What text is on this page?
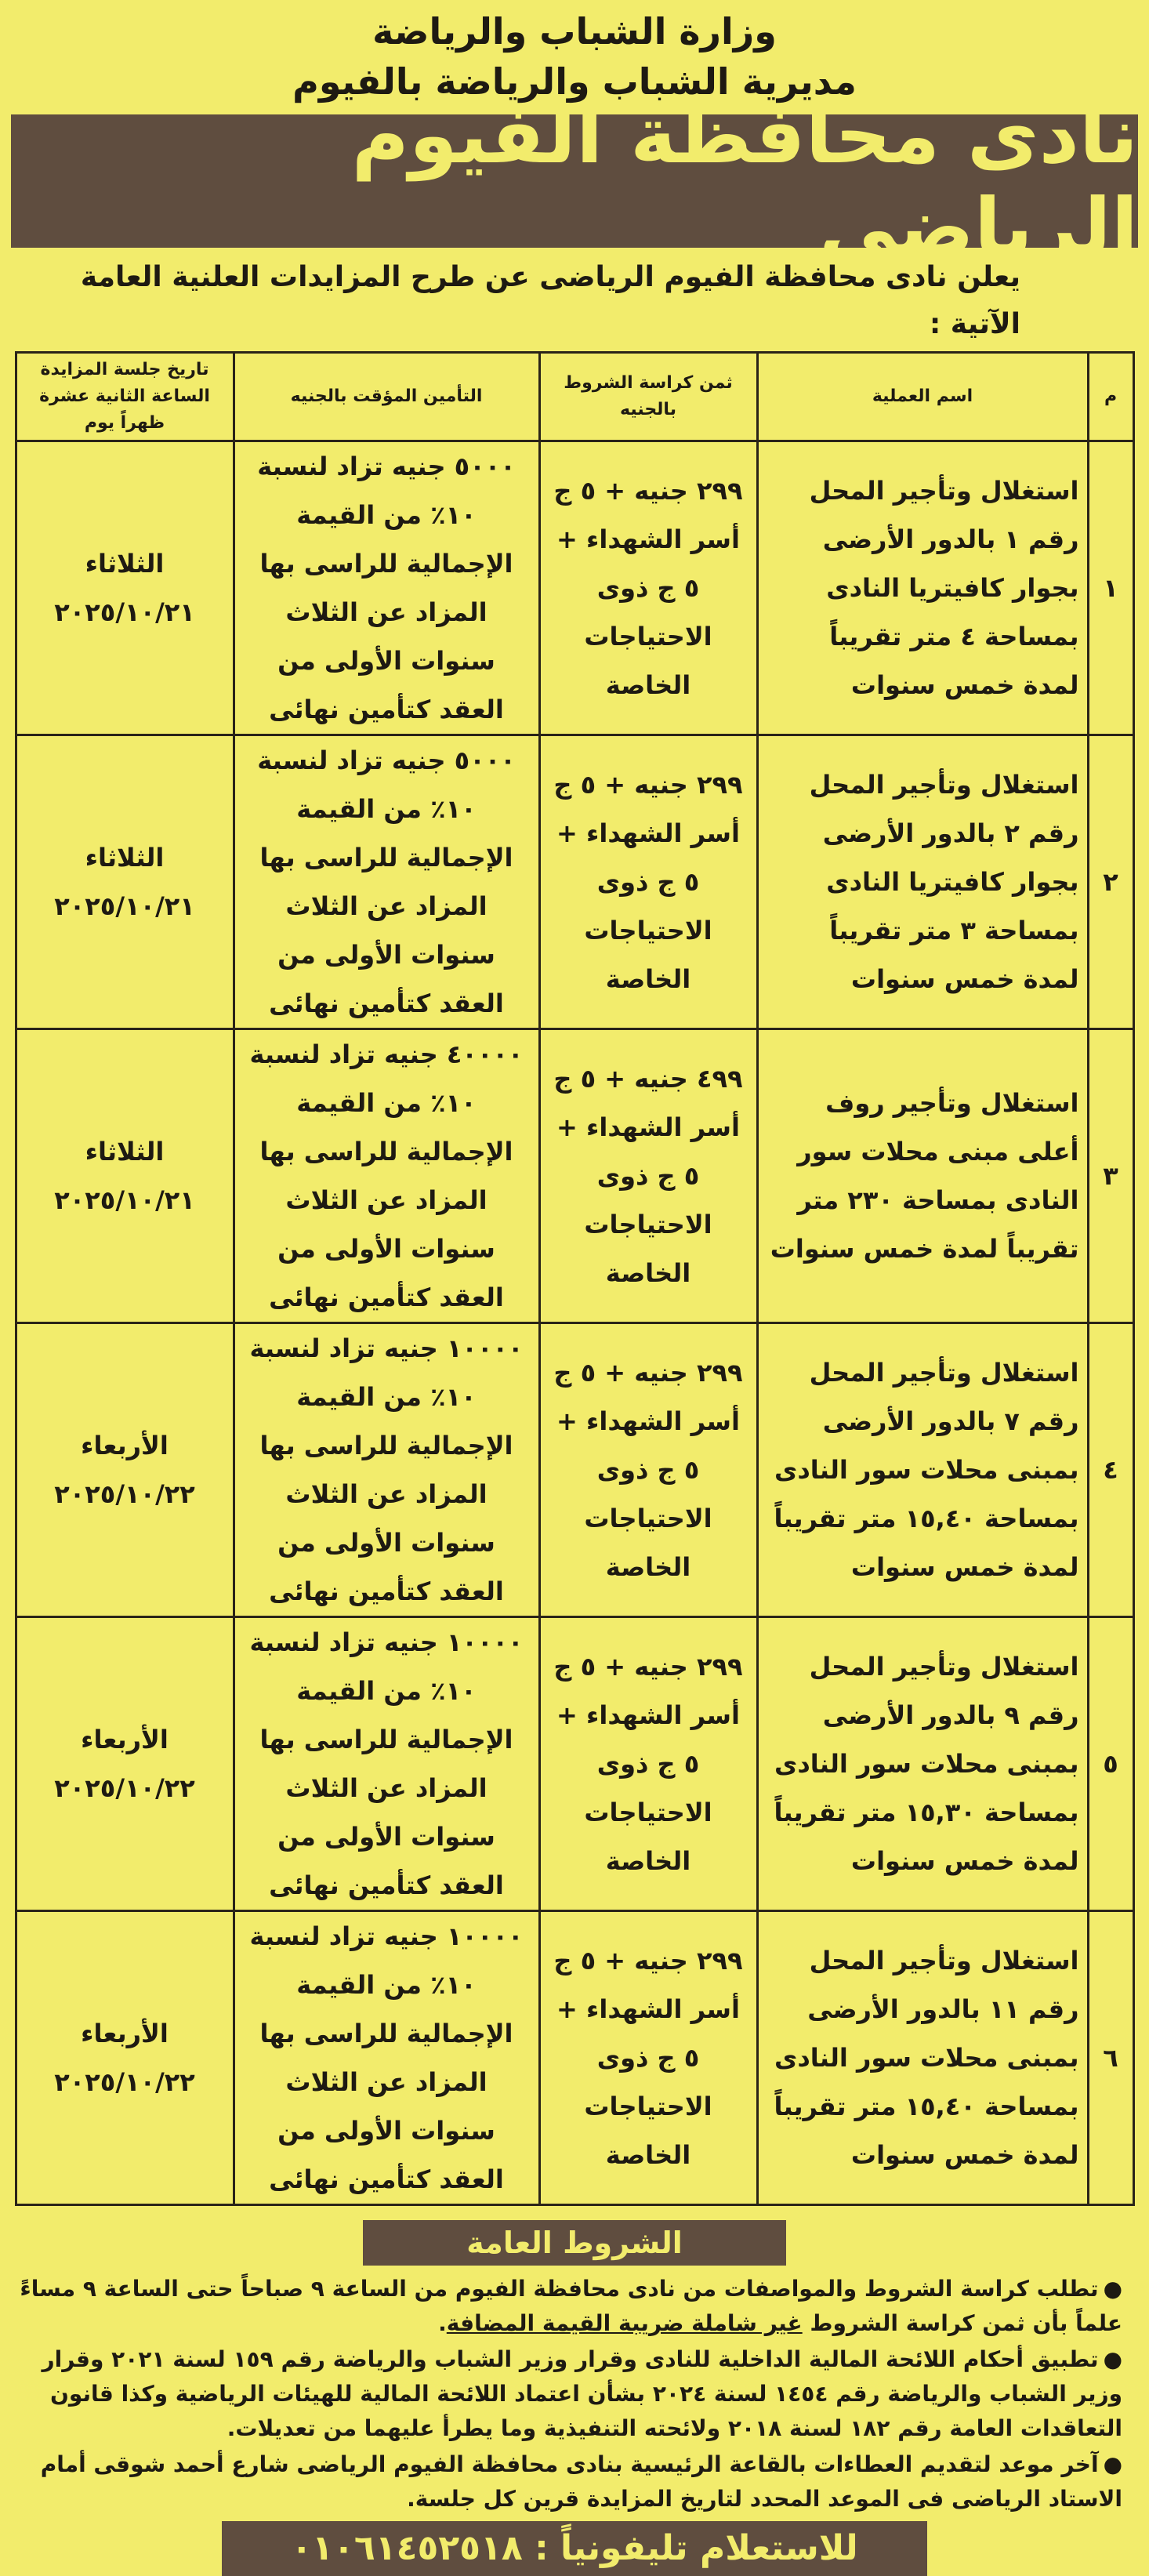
وزارة الشباب والرياضة
مديرية الشباب والرياضة بالفيوم
نادى محافظة الفيوم الرياضى
يعلن نادى محافظة الفيوم الرياضى عن طرح المزايدات العلنية العامة الآتية :
م	اسم العملية	ثمن كراسة الشروط بالجنيه	التأمين المؤقت بالجنيه	تاريخ جلسة المزايدة الساعة الثانية عشرة ظهراً يوم
١	استغلال وتأجير المحل رقم ١ بالدور الأرضى بجوار كافيتريا النادى بمساحة ٤ متر تقريباً لمدة خمس سنوات	٢٩٩ جنيه + ٥ ج أسر الشهداء + ٥ ج ذوى الاحتياجات الخاصة	٥٠٠٠ جنيه تزاد لنسبة ١٠٪ من القيمة الإجمالية للراسى بها المزاد عن الثلاث سنوات الأولى من العقد كتأمين نهائى	الثلاثاء
٢٠٢٥/١٠/٢١

٢	استغلال وتأجير المحل رقم ٢ بالدور الأرضى بجوار كافيتريا النادى بمساحة ٣ متر تقريباً لمدة خمس سنوات	٢٩٩ جنيه + ٥ ج أسر الشهداء + ٥ ج ذوى الاحتياجات الخاصة	٥٠٠٠ جنيه تزاد لنسبة ١٠٪ من القيمة الإجمالية للراسى بها المزاد عن الثلاث سنوات الأولى من العقد كتأمين نهائى	الثلاثاء
٢٠٢٥/١٠/٢١

٣	استغلال وتأجير روف أعلى مبنى محلات سور النادى بمساحة ٢٣٠ متر تقريباً لمدة خمس سنوات	٤٩٩ جنيه + ٥ ج أسر الشهداء + ٥ ج ذوى الاحتياجات الخاصة	٤٠٠٠٠ جنيه تزاد لنسبة ١٠٪ من القيمة الإجمالية للراسى بها المزاد عن الثلاث سنوات الأولى من العقد كتأمين نهائى	الثلاثاء
٢٠٢٥/١٠/٢١

٤	استغلال وتأجير المحل رقم ٧ بالدور الأرضى بمبنى محلات سور النادى بمساحة ١٥,٤٠ متر تقريباً لمدة خمس سنوات	٢٩٩ جنيه + ٥ ج أسر الشهداء + ٥ ج ذوى الاحتياجات الخاصة	١٠٠٠٠ جنيه تزاد لنسبة ١٠٪ من القيمة الإجمالية للراسى بها المزاد عن الثلاث سنوات الأولى من العقد كتأمين نهائى	الأربعاء
٢٠٢٥/١٠/٢٢

٥	استغلال وتأجير المحل رقم ٩ بالدور الأرضى بمبنى محلات سور النادى بمساحة ١٥,٣٠ متر تقريباً لمدة خمس سنوات	٢٩٩ جنيه + ٥ ج أسر الشهداء + ٥ ج ذوى الاحتياجات الخاصة	١٠٠٠٠ جنيه تزاد لنسبة ١٠٪ من القيمة الإجمالية للراسى بها المزاد عن الثلاث سنوات الأولى من العقد كتأمين نهائى	الأربعاء
٢٠٢٥/١٠/٢٢

٦	استغلال وتأجير المحل رقم ١١ بالدور الأرضى بمبنى محلات سور النادى بمساحة ١٥,٤٠ متر تقريباً لمدة خمس سنوات	٢٩٩ جنيه + ٥ ج أسر الشهداء + ٥ ج ذوى الاحتياجات الخاصة	١٠٠٠٠ جنيه تزاد لنسبة ١٠٪ من القيمة الإجمالية للراسى بها المزاد عن الثلاث سنوات الأولى من العقد كتأمين نهائى	الأربعاء
٢٠٢٥/١٠/٢٢
الشروط العامة
●تطلب كراسة الشروط والمواصفات من نادى محافظة الفيوم من الساعة ٩ صباحاً حتى الساعة ٩ مساءً علماً بأن ثمن كراسة الشروط غير شاملة ضريبة القيمة المضافة.
●تطبيق أحكام اللائحة المالية الداخلية للنادى وقرار وزير الشباب والرياضة رقم ١٥٩ لسنة ٢٠٢١ وقرار وزير الشباب والرياضة رقم ١٤٥٤ لسنة ٢٠٢٤ بشأن اعتماد اللائحة المالية للهيئات الرياضية وكذا قانون التعاقدات العامة رقم ١٨٢ لسنة ٢٠١٨ ولائحته التنفيذية وما يطرأ عليهما من تعديلات.
●آخر موعد لتقديم العطاءات بالقاعة الرئيسية بنادى محافظة الفيوم الرياضى شارع أحمد شوقى أمام الاستاد الرياضى فى الموعد المحدد لتاريخ المزايدة قرين كل جلسة.
للاستعلام تليفونياً : ٠١٠٦١٤٥٢٥١٨
